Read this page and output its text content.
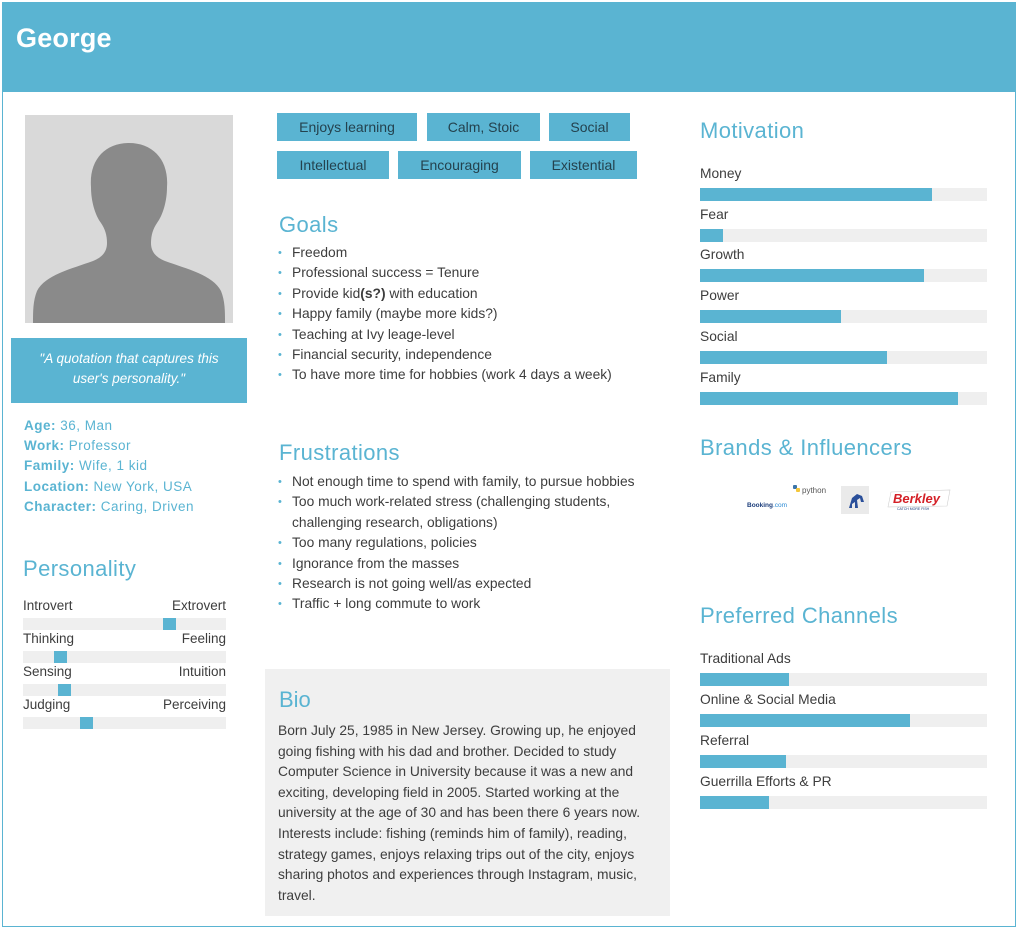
George
"A quotation that captures this
user's personality."
Age: 36, Man
Work: Professor
Family: Wife, 1 kid
Location: New York, USA
Character: Caring, Driven
Personality
Introvert	Extrovert
Thinking	Feeling
Sensing	Intuition
Judging	Perceiving
Enjoys learning	Calm, Stoic	Social
Intellectual	Encouraging	Existential
Goals
• Freedom
• Professional success = Tenure
• Provide kid(s?) with education
• Happy family (maybe more kids?)
• Teaching at Ivy leage-level
• Financial security, independence
• To have more time for hobbies (work 4 days a week)
Frustrations
• Not enough time to spend with family, to pursue hobbies
• Too much work-related stress (challenging students, challenging research, obligations)
• Too many regulations, policies
• Ignorance from the masses
• Research is not going well/as expected
• Traffic + long commute to work
Bio
Born July 25, 1985 in New Jersey. Growing up, he enjoyed going fishing with his dad and brother. Decided to study Computer Science in University because it was a new and exciting, developing field in 2005. Started working at the university at the age of 30 and has been there 6 years now. Interests include: fishing (reminds him of family), reading, strategy games, enjoys relaxing trips out of the city, enjoys sharing photos and experiences through Instagram, music, travel.
Motivation
Money
Fear
Growth
Power
Social
Family
Brands & Influencers
Booking.com
python
Berkley
CATCH MORE FISH
Preferred Channels
Traditional Ads
Online & Social Media
Referral
Guerrilla Efforts & PR
